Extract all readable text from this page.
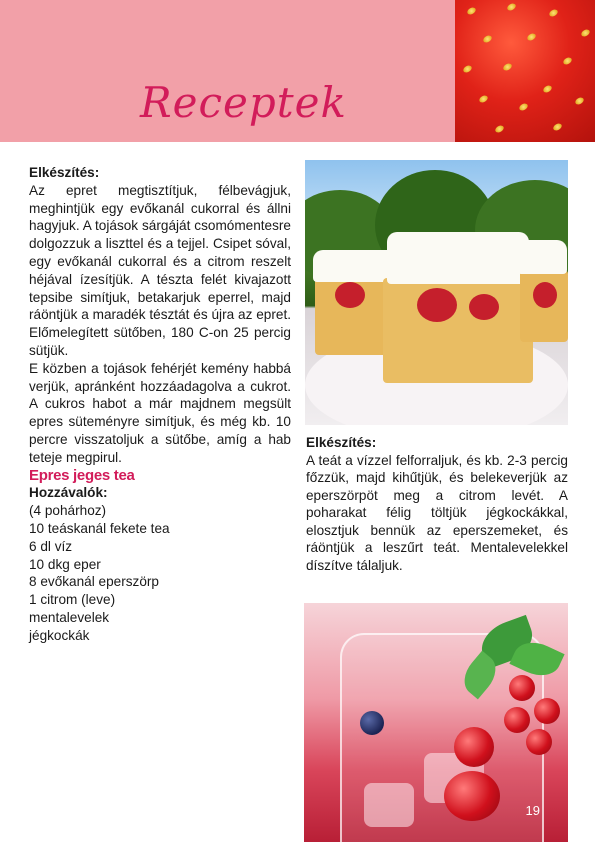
Receptek

Elkészítés:

Az epret megtisztítjuk, félbevágjuk, meghintjük egy evőkanál cukorral és állni hagyjuk. A tojások sárgáját csomómentesre dolgozzuk a liszttel és a tejjel. Csipet sóval, egy evőkanál cukorral és a citrom reszelt héjával ízesítjük. A tészta felét kivajazott tepsibe simítjuk, betakarjuk eperrel, majd ráöntjük a maradék tésztát és újra az epret. Előmelegített sütőben, 180 C-on 25 percig sütjük.

E közben a tojások fehérjét kemény habbá verjük, apránként hozzáadagolva a cukrot. A cukros habot a már majdnem megsült epres süteményre simítjuk, és még kb. 10 percre visszatoljuk a sütőbe, amíg a hab teteje megpirul.

Epres jeges tea

Hozzávalók:

(4 pohárhoz)
10 teáskanál fekete tea
6 dl víz
10 dkg eper
8 evőkanál eperszörp
1 citrom (leve)
mentalevelek
jégkockák

Elkészítés:

A teát a vízzel felforraljuk, és kb. 2-3 percig főzzük, majd kihűtjük, és belekeverjük az eperszörpöt meg a citrom levét. A poharakat félig töltjük jégkockákkal, elosztjuk bennük az eperszemeket, és ráöntjük a leszűrt teát. Mentalevelekkel díszítve tálaljuk.

19
